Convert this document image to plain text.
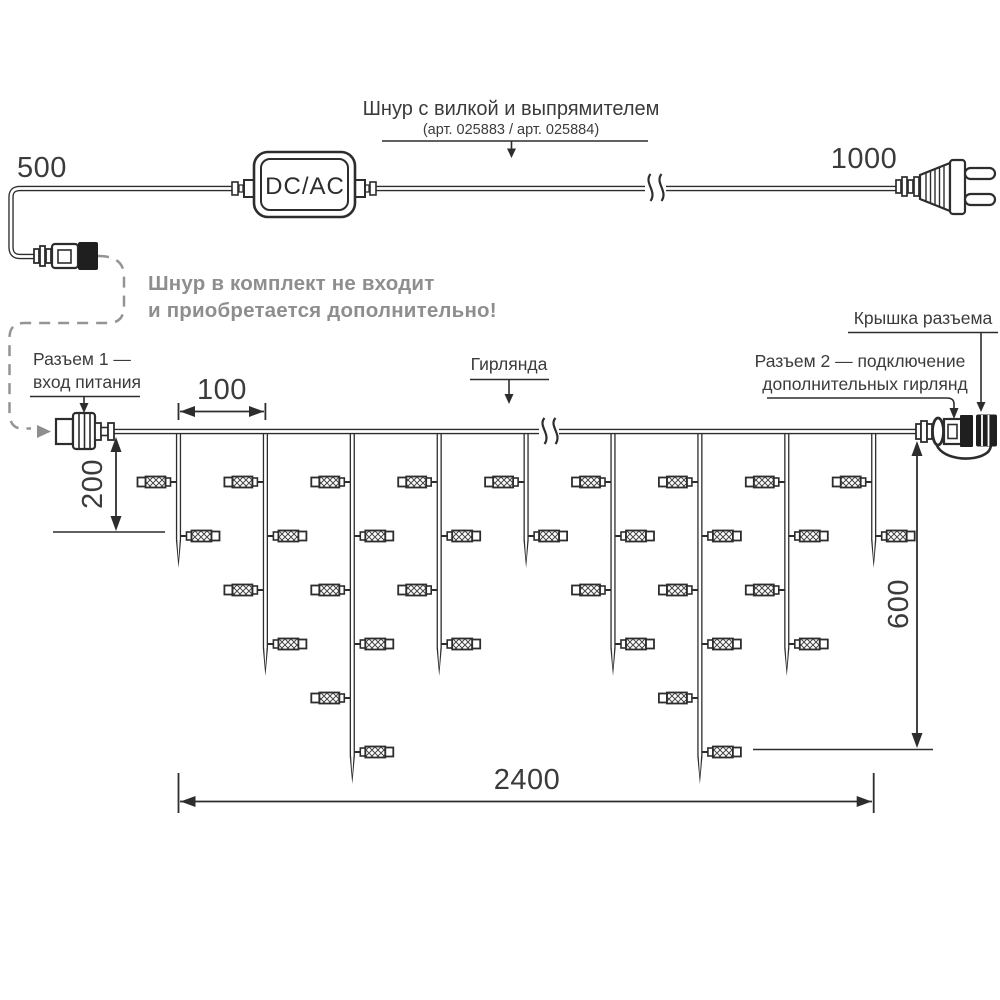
DC/AC
500	1000
Шнур с вилкой и выпрямителем
(арт. 025883 / арт. 025884)
Шнур в комплект не входит
и приобретается дополнительно!
Разъем 1 —
вход питания
Гирлянда	Разъем 2 — подключение
дополнительных гирлянд
Крышка разъема
100
200
600
2400
